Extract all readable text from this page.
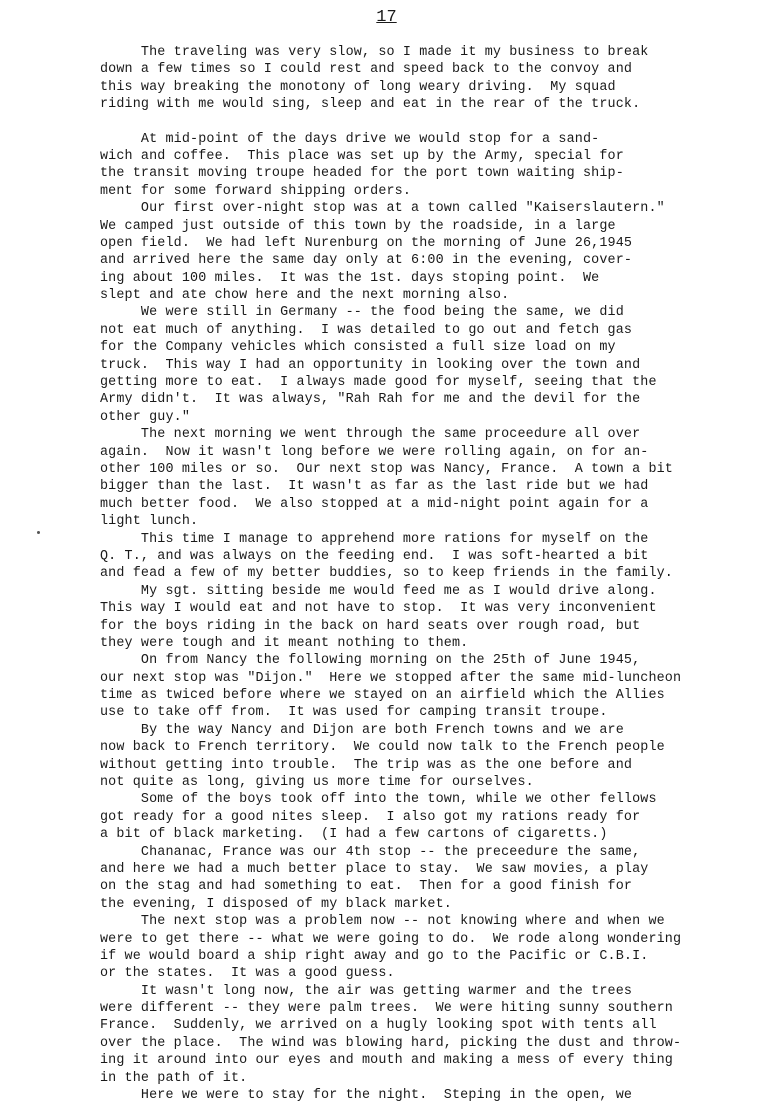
17
The traveling was very slow, so I made it my business to break
down a few times so I could rest and speed back to the convoy and
this way breaking the monotony of long weary driving.  My squad
riding with me would sing, sleep and eat in the rear of the truck.
At mid-point of the days drive we would stop for a sand-
wich and coffee.  This place was set up by the Army, special for
the transit moving troupe headed for the port town waiting ship-
ment for some forward shipping orders.
Our first over-night stop was at a town called "Kaiserslautern."
We camped just outside of this town by the roadside, in a large
open field.  We had left Nurenburg on the morning of June 26,1945
and arrived here the same day only at 6:00 in the evening, cover-
ing about 100 miles.  It was the 1st. days stoping point.  We
slept and ate chow here and the next morning also.
We were still in Germany -- the food being the same, we did
not eat much of anything.  I was detailed to go out and fetch gas
for the Company vehicles which consisted a full size load on my
truck.  This way I had an opportunity in looking over the town and
getting more to eat.  I always made good for myself, seeing that the
Army didn't.  It was always, "Rah Rah for me and the devil for the
other guy."
The next morning we went through the same proceedure all over
again.  Now it wasn't long before we were rolling again, on for an-
other 100 miles or so.  Our next stop was Nancy, France.  A town a bit
bigger than the last.  It wasn't as far as the last ride but we had
much better food.  We also stopped at a mid-night point again for a
light lunch.
This time I manage to apprehend more rations for myself on the
Q. T., and was always on the feeding end.  I was soft-hearted a bit
and fead a few of my better buddies, so to keep friends in the family.
My sgt. sitting beside me would feed me as I would drive along.
This way I would eat and not have to stop.  It was very inconvenient
for the boys riding in the back on hard seats over rough road, but
they were tough and it meant nothing to them.
On from Nancy the following morning on the 25th of June 1945,
our next stop was "Dijon."  Here we stopped after the same mid-luncheon
time as twiced before where we stayed on an airfield which the Allies
use to take off from.  It was used for camping transit troupe.
By the way Nancy and Dijon are both French towns and we are
now back to French territory.  We could now talk to the French people
without getting into trouble.  The trip was as the one before and
not quite as long, giving us more time for ourselves.
Some of the boys took off into the town, while we other fellows
got ready for a good nites sleep.  I also got my rations ready for
a bit of black marketing.  (I had a few cartons of cigaretts.)
Chananac, France was our 4th stop -- the preceedure the same,
and here we had a much better place to stay.  We saw movies, a play
on the stag and had something to eat.  Then for a good finish for
the evening, I disposed of my black market.
The next stop was a problem now -- not knowing where and when we
were to get there -- what we were going to do.  We rode along wondering
if we would board a ship right away and go to the Pacific or C.B.I.
or the states.  It was a good guess.
It wasn't long now, the air was getting warmer and the trees
were different -- they were palm trees.  We were hiting sunny southern
France.  Suddenly, we arrived on a hugly looking spot with tents all
over the place.  The wind was blowing hard, picking the dust and throw-
ing it around into our eyes and mouth and making a mess of every thing
in the path of it.
Here we were to stay for the night.  Steping in the open, we
